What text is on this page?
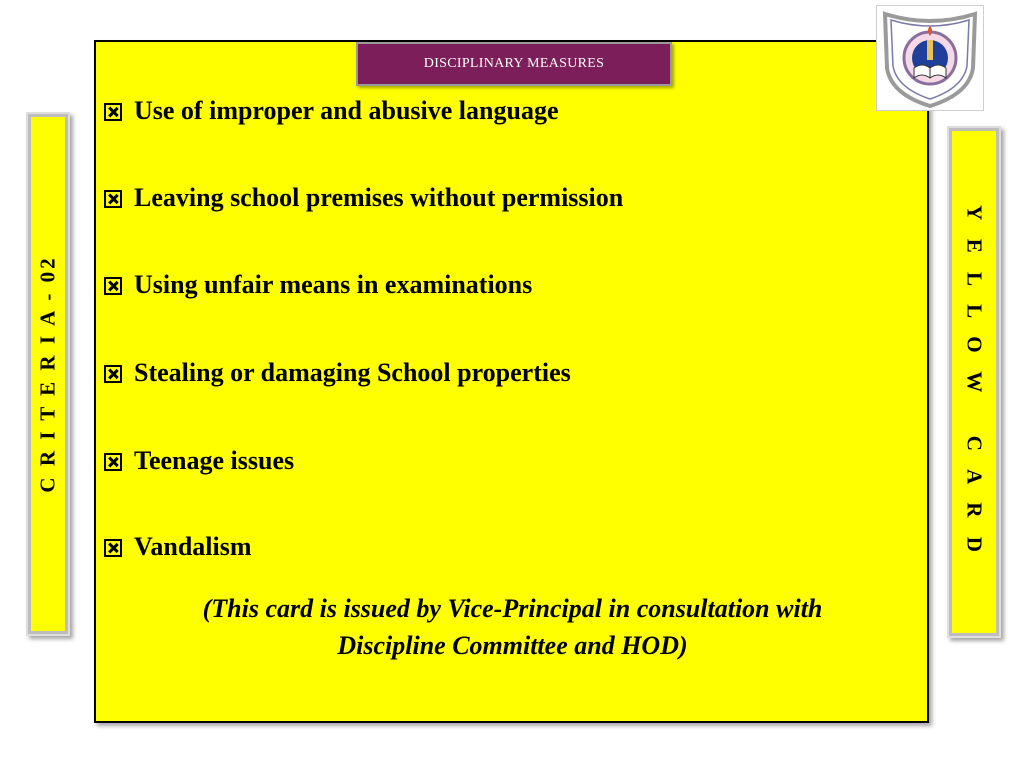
C R I T E R I A - 02
DISCIPLINARY MEASURES
Use of improper and abusive language
Leaving school premises without permission
Using unfair means in examinations
Stealing or damaging School properties
Teenage issues
Vandalism
(This card is issued by Vice-Principal in consultation with
Discipline Committee and HOD)
Y E L L O W   C A R D
